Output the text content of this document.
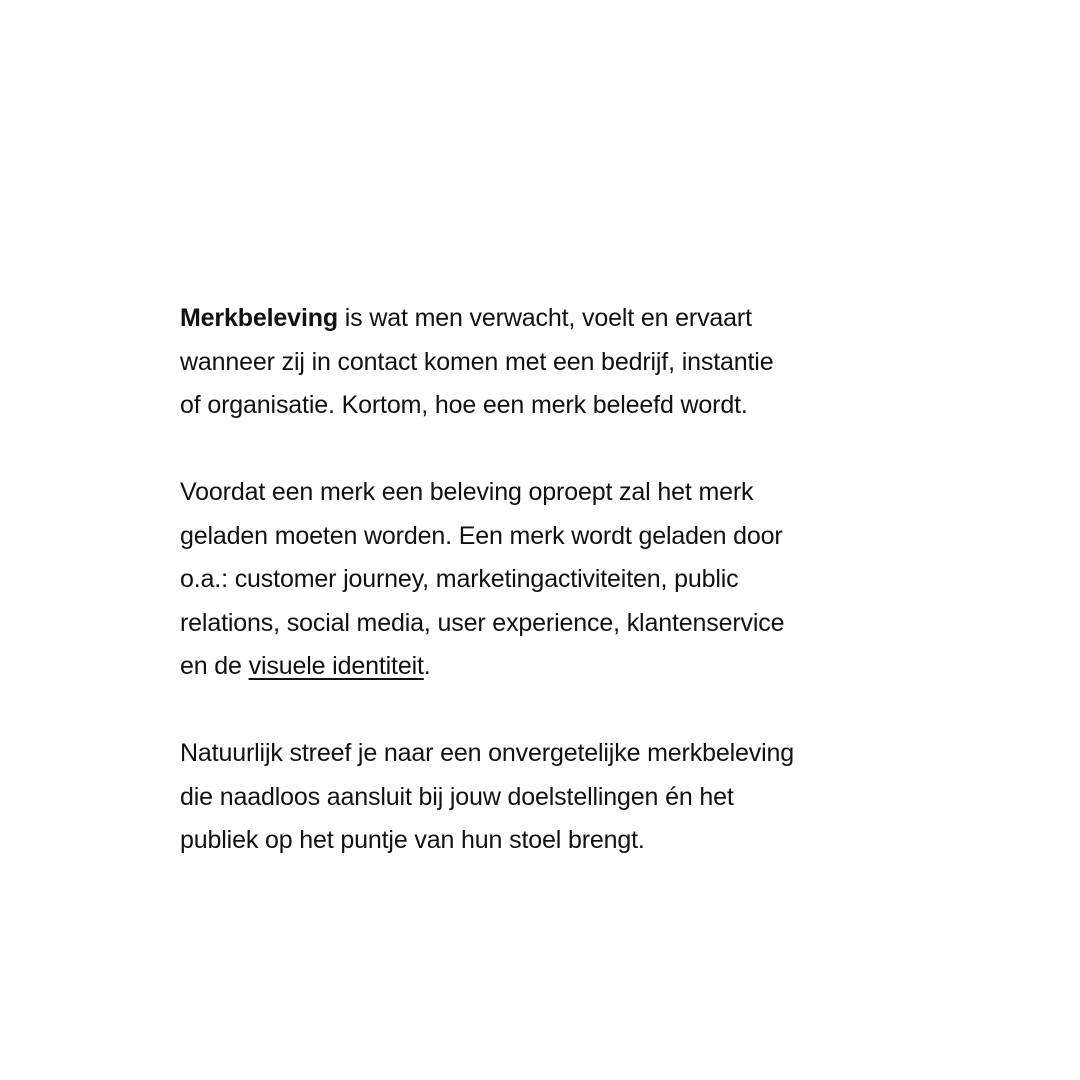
Merkbeleving is wat men verwacht, voelt en ervaart
wanneer zij in contact komen met een bedrijf, instantie
of organisatie. Kortom, hoe een merk beleefd wordt.

Voordat een merk een beleving oproept zal het merk
geladen moeten worden. Een merk wordt geladen door
o.a.: customer journey, marketingactiviteiten, public
relations, social media, user experience, klantenservice
en de visuele identiteit.

Natuurlijk streef je naar een onvergetelijke merkbeleving
die naadloos aansluit bij jouw doelstellingen én het
publiek op het puntje van hun stoel brengt.
